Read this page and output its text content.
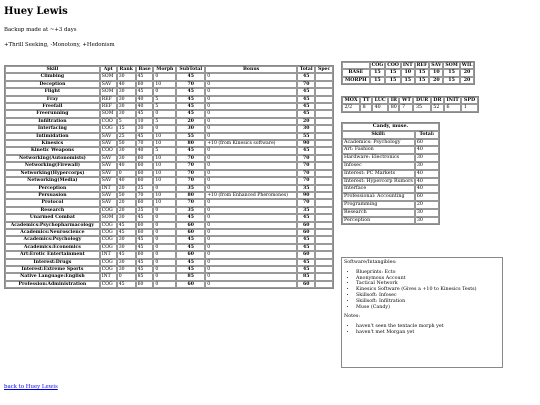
Huey Lewis

Backup made at ~+3 days

+Thrill Seeking, -Monotony, +Hedonism

Skill	Apt	Rank	Base	Morph	SubTotal	Bonus	Total	Spec
Climbing	SOM	30	45	0	45	0	45	
Deception	SAV	40	60	10	70	0	70	
Flight	SOM	30	45	0	45	0	45	
Fray	REF	30	40	5	45	0	45	
Freefall	REF	30	40	5	45	0	45	
Freerunning	SOM	30	45	0	45	0	45	
Infiltration	COO	5	10	5	20	0	20	
Interfacing	COG	15	30	0	30	0	30	
Intimidation	SAV	25	45	10	55	0	55	
Kinesics	SAV	50	70	10	80	+10 (from Kinesics software)	90	
Kinetic Weapons	COO	30	40	5	45	0	45	
Networking(Autonomists)	SAV	30	60	10	70	0	70	
Networking(Firewall)	SAV	40	60	10	70	0	70	
Networking(Hypercorps)	SAV	0	60	10	70	0	70	
Networking(Media)	SAV	40	60	10	70	0	70	
Perception	INT	20	35	0	35	0	35	
Persuasion	SAV	50	70	10	80	+10 (from Enhanced Pheromones)	90	
Protocol	SAV	20	60	10	70	0	70	
Research	COG	20	35	0	35	0	35	
Unarmed Combat	SOM	30	45	0	45	0	45	
Academics:Psychopharmacology	COG	45	60	0	60	0	60	
Academics:Neuroscience	COG	45	60	0	60	0	60	
Academics:Psychology	COG	30	45	0	45	0	45	
Academics:Economics	COG	30	45	0	45	0	45	
Art:Erotic Entertainment	INT	45	60	0	60	0	60	
Interest:Drugs	COG	30	45	0	45	0	45	
Interest:Extreme Sports	COG	30	45	0	45	0	45	
Native Language:English	INT	0	85	0	85	0	85	
Profession:Administration	COG	45	60	0	60	0	60	
	COG	COO	INT	REF	SAV	SOM	WIL
BASE	15	15	10	15	10	15	20
MORPH	15	15	15	15	20	15	20
MOX	TT	LUC	IR	WT	DUR	DR	INIT	SPD
2/2	8	40	80	7	35	52	6	1
Candy, muse.	
Skill:	Total:
Academics: Psychology	60
Art: Fashion	40
Hardware: Electronics	30
Infosec	30
Interest: PC Markets	40
Interest: Hypercorp Rumors	40
Interface	40
Professional: Accounting	60
Programming	20
Research	30
Perception	30

Software/Intangibles:

• Blueprints: Ecto
• Anonymous Account
• Tactical Network
• Kinesics Software (Gives a +10 to Kinesics Tests)
• Skillsoft: Infosec
• Skillsoft: Infiltration
• Muse (Candy)

Notes:

• haven't seen the tentacle morph yet
• haven't met Morgan yet
back to Huey Lewis
